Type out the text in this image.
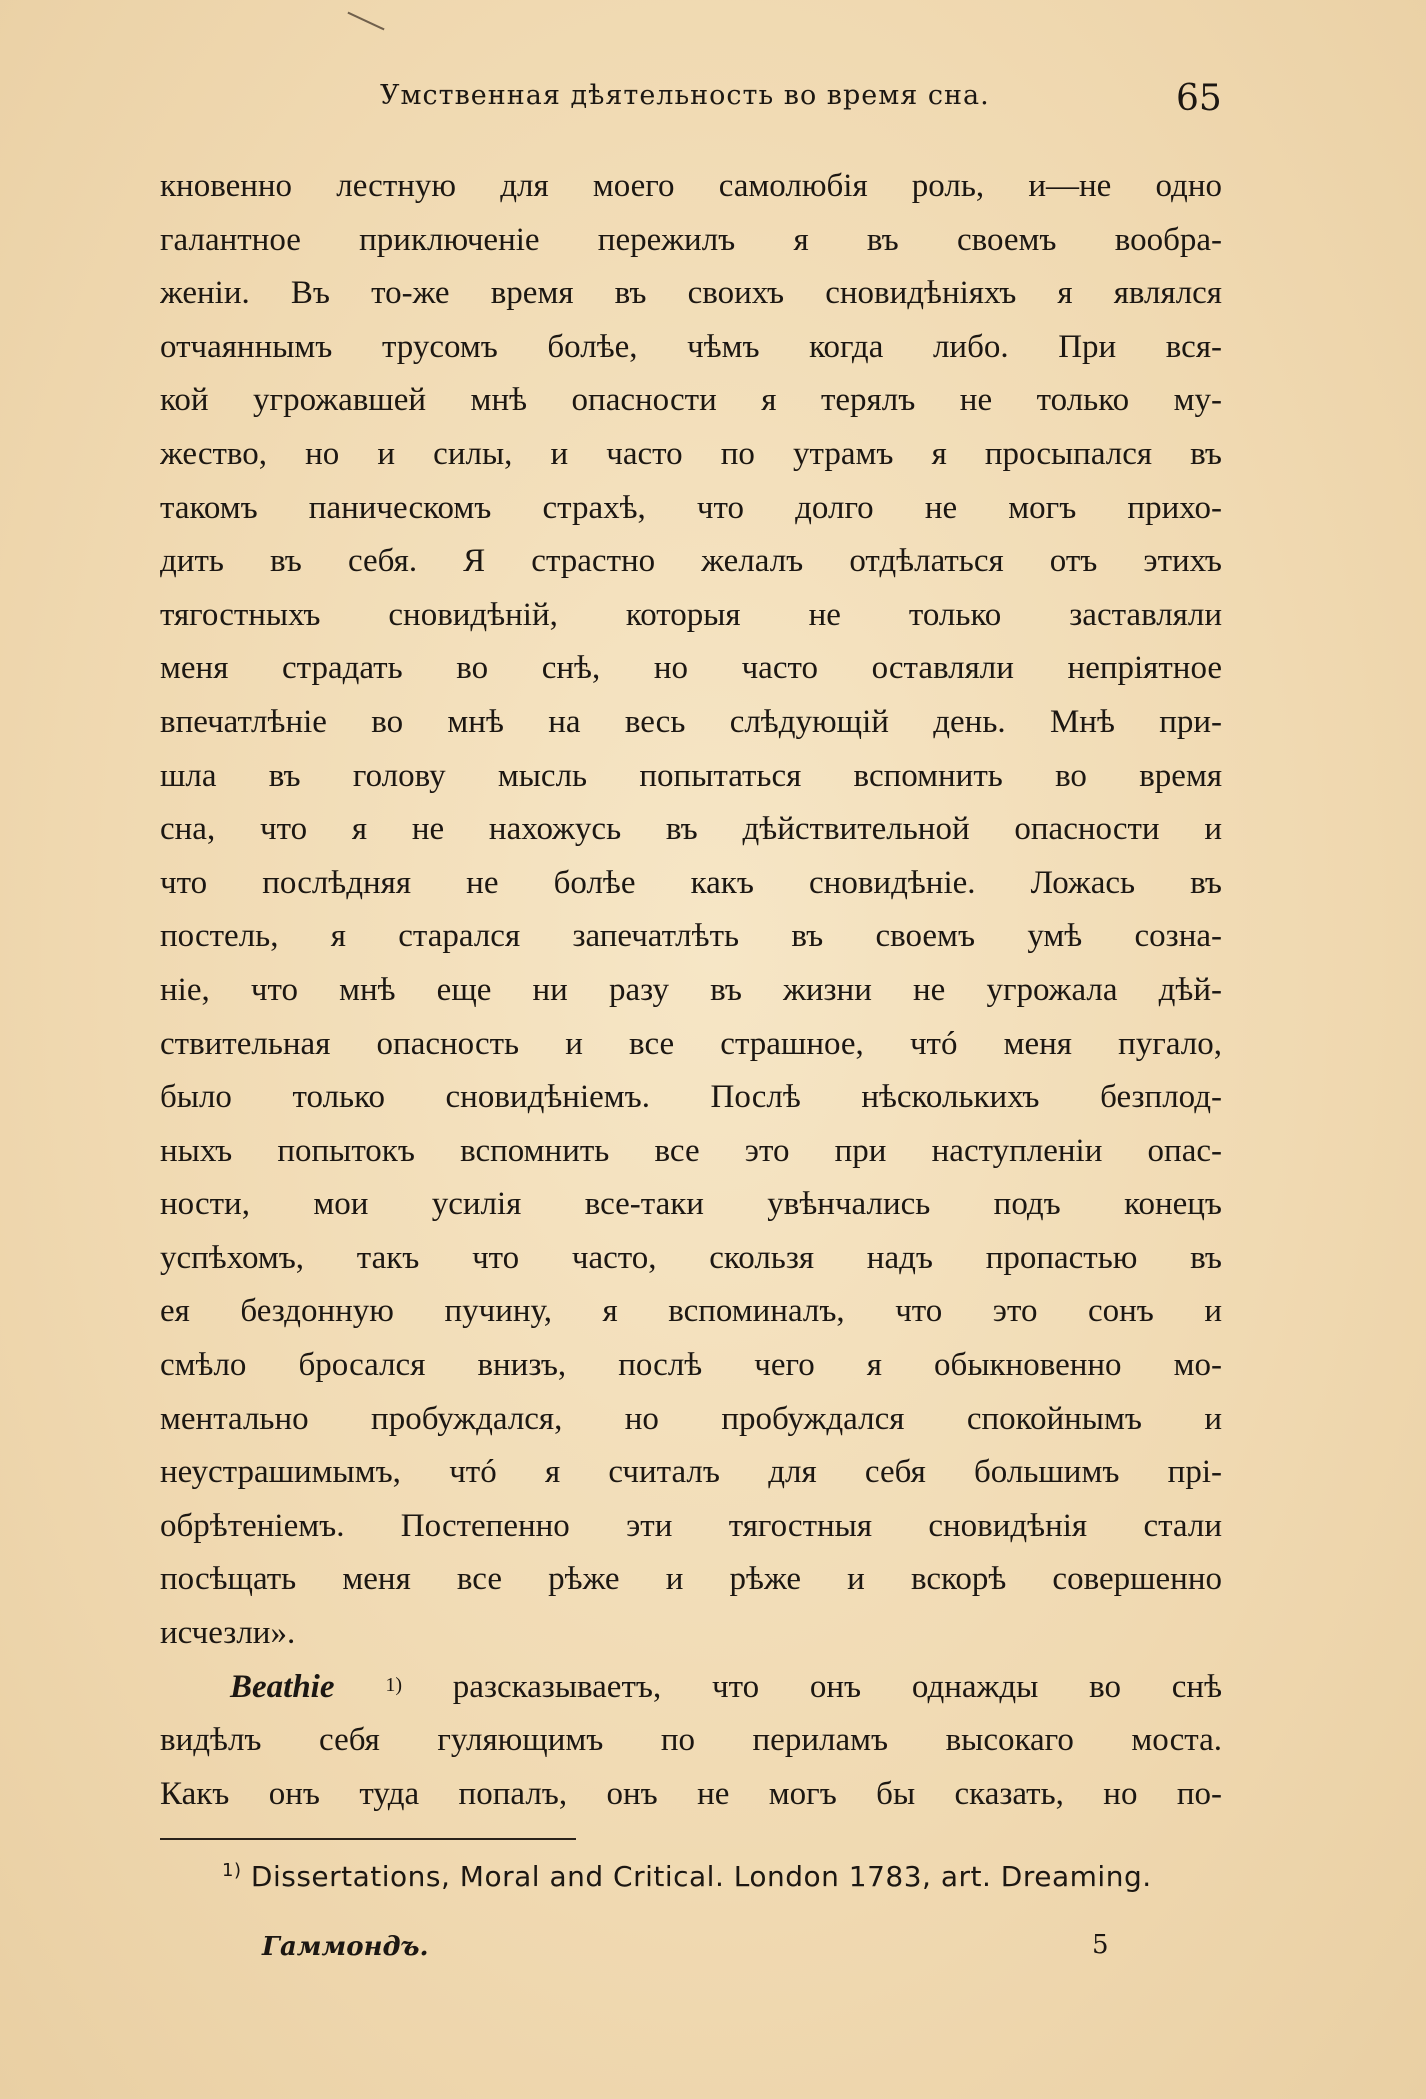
Умственная дѣятельность во время сна.	65
кновенно лестную для моего самолюбія роль, и—не одно
галантное приключеніе пережилъ я въ своемъ вообра-
женіи. Въ то-же время въ своихъ сновидѣніяхъ я являлся
отчаяннымъ трусомъ болѣе, чѣмъ когда либо. При вся-
кой угрожавшей мнѣ опасности я терялъ не только му-
жество, но и силы, и часто по утрамъ я просыпался въ
такомъ паническомъ страхѣ, что долго не могъ прихо-
дить въ себя. Я страстно желалъ отдѣлаться отъ этихъ
тягостныхъ сновидѣній, которыя не только заставляли
меня страдать во снѣ, но часто оставляли непріятное
впечатлѣніе во мнѣ на весь слѣдующій день. Мнѣ при-
шла въ голову мысль попытаться вспомнить во время
сна, что я не нахожусь въ дѣйствительной опасности и
что послѣдняя не болѣе какъ сновидѣніе. Ложась въ
постель, я старался запечатлѣть въ своемъ умѣ созна-
ніе, что мнѣ еще ни разу въ жизни не угрожала дѣй-
ствительная опасность и все страшное, чтó меня пугало,
было только сновидѣніемъ. Послѣ нѣсколькихъ безплод-
ныхъ попытокъ вспомнить все это при наступленіи опас-
ности, мои усилія все-таки увѣнчались подъ конецъ
успѣхомъ, такъ что часто, скользя надъ пропастью въ
ея бездонную пучину, я вспоминалъ, что это сонъ и
смѣло бросался внизъ, послѣ чего я обыкновенно мо-
ментально пробуждался, но пробуждался спокойнымъ и
неустрашимымъ, чтó я считалъ для себя большимъ прі-
обрѣтеніемъ. Постепенно эти тягостныя сновидѣнія стали
посѣщать меня все рѣже и рѣже и вскорѣ совершенно
исчезли».
Beathie	$^{1)}$ разсказываетъ, что онъ однажды во снѣ
видѣлъ себя гуляющимъ по периламъ высокаго моста.
Какъ онъ туда попалъ, онъ не могъ бы сказать, но по-
$^{1)}$ Dissertations, Moral and Critical. London 1783, art. Dreaming.
Гаммондъ.	5
